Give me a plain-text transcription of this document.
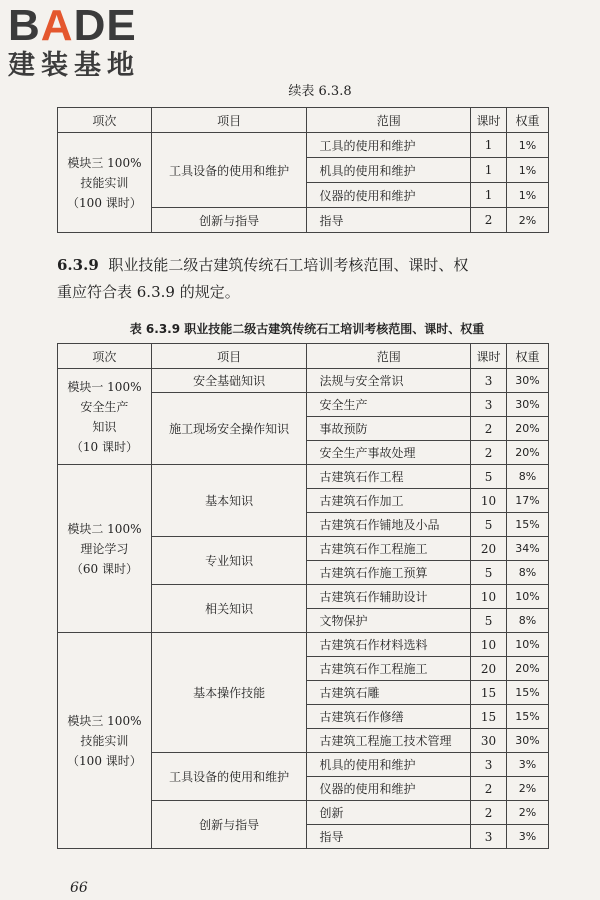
BADE
建装基地
续表 6.3.8
项次	项目	范围	课时	权重

模块三 100%
技能实训
（100 课时）	工具设备的使用和维护	工具的使用和维护	1	1%
		机具的使用和维护	1	1%
		仪器的使用和维护	1	1%
	创新与指导	指导	2	2%
6.3.9 职业技能二级古建筑传统石工培训考核范围、课时、权
重应符合表 6.3.9 的规定。
表 6.3.9 职业技能二级古建筑传统石工培训考核范围、课时、权重
项次	项目	范围	课时	权重

模块一 100%
安全生产
知识
（10 课时）	安全基础知识	法规与安全常识	3	30%
	施工现场安全操作知识	安全生产	3	30%
		事故预防	2	20%
		安全生产事故处理	2	20%

模块二 100%
理论学习
（60 课时）	基本知识	古建筑石作工程	5	8%
		古建筑石作加工	10	17%
		古建筑石作铺地及小品	5	15%
	专业知识	古建筑石作工程施工	20	34%
		古建筑石作施工预算	5	8%
	相关知识	古建筑石作辅助设计	10	10%
		文物保护	5	8%

模块三 100%
技能实训
（100 课时）	基本操作技能	古建筑石作材料选料	10	10%
		古建筑石作工程施工	20	20%
		古建筑石雕	15	15%
		古建筑石作修缮	15	15%
		古建筑工程施工技术管理	30	30%
	工具设备的使用和维护	机具的使用和维护	3	3%
		仪器的使用和维护	2	2%
	创新与指导	创新	2	2%
		指导	3	3%
66
